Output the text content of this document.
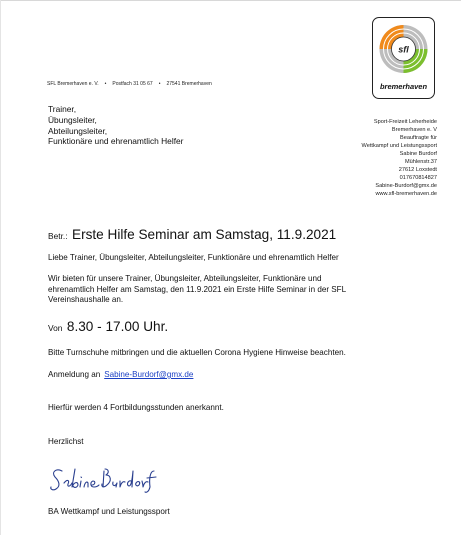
sfl
bremerhaven
SFL Bremerhaven e. V. • Postfach 31 05 67 • 27541 Bremerhaven
Trainer,
Übungsleiter,
Abteilungsleiter,
Funktionäre und ehrenamtlich Helfer
Sport-Freizeit Leherheide
Bremerhaven e. V
Beauftragte für
Wettkampf und Leistungssport
Sabine Burdorf
Mühlenstr.37
27612 Loxstedt
017670814827
Sabine-Burdorf@gmx.de
www.sfl-bremerhaven.de
Betr.: Erste Hilfe Seminar am Samstag, 11.9.2021
Liebe Trainer, Übungsleiter, Abteilungsleiter, Funktionäre und ehrenamtlich Helfer
Wir bieten für unsere Trainer, Übungsleiter, Abteilungsleiter, Funktionäre und
ehrenamtlich Helfer am Samstag, den 11.9.2021 ein Erste Hilfe Seminar in der SFL
Vereinshaushalle an.
Von 8.30 - 17.00 Uhr.
Bitte Turnschuhe mitbringen und die aktuellen Corona Hygiene Hinweise beachten.
Anmeldung an Sabine-Burdorf@gmx.de
Hierfür werden 4 Fortbildungsstunden anerkannt.
Herzlichst
BA Wettkampf und Leistungssport
